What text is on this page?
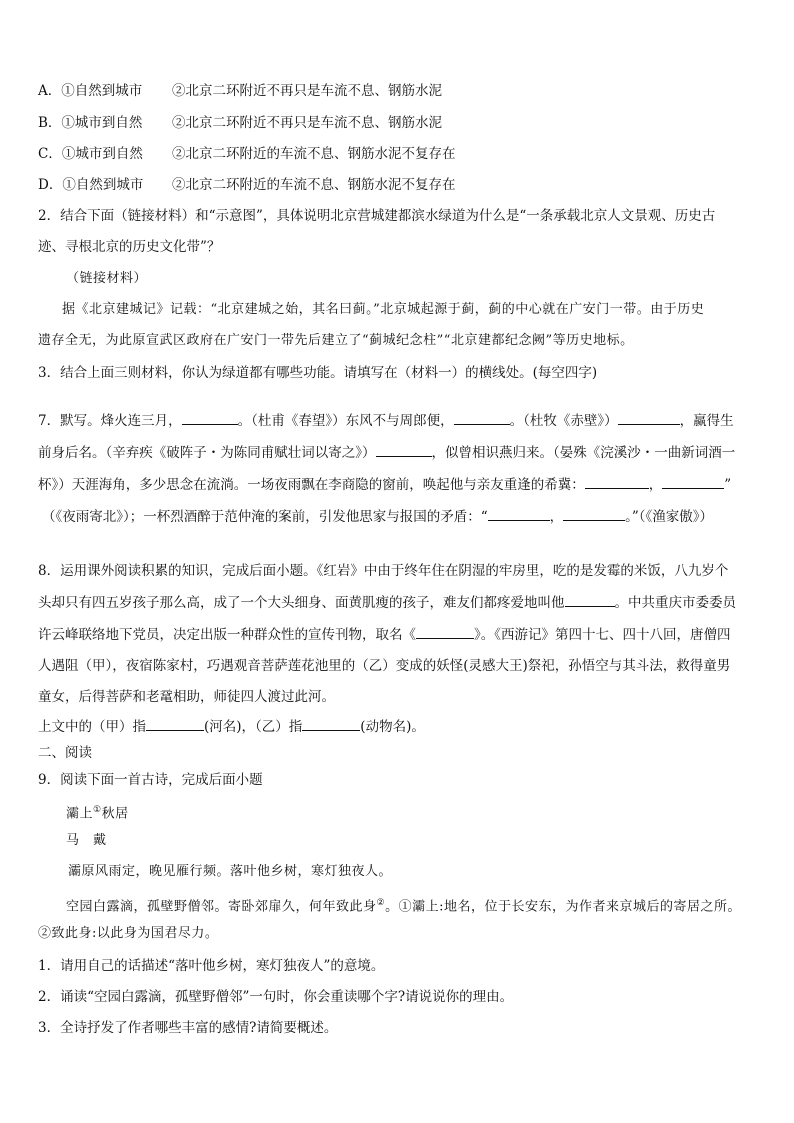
A．①自然到城市 ②北京二环附近不再只是车流不息、钢筋水泥
B．①城市到自然 ②北京二环附近不再只是车流不息、钢筋水泥
C．①城市到自然 ②北京二环附近的车流不息、钢筋水泥不复存在
D．①自然到城市 ②北京二环附近的车流不息、钢筋水泥不复存在
2．结合下面（链接材料）和“示意图”，具体说明北京营城建都滨水绿道为什么是“一条承载北京人文景观、历史古
迹、寻根北京的历史文化带”？
（链接材料）
据《北京建城记》记载：“北京建城之始，其名曰蓟。”北京城起源于蓟，蓟的中心就在广安门一带。由于历史
遗存全无，为此原宣武区政府在广安门一带先后建立了“蓟城纪念柱”“北京建都纪念阙”等历史地标。
3．结合上面三则材料，你认为绿道都有哪些功能。请填写在（材料一）的横线处。(每空四字)
7．默写。烽火连三月，	。（杜甫《春望》）东风不与周郎便，	。（杜牧《赤壁》）	，赢得生
前身后名。（辛弃疾《破阵子・为陈同甫赋壮词以寄之》）	，似曾相识燕归来。（晏殊《浣溪沙・一曲新词酒一
杯》）天涯海角，多少思念在流淌。一场夜雨飘在李商隐的窗前，唤起他与亲友重逢的希冀：	，	”
（《夜雨寄北》）；一杯烈酒醉于范仲淹的案前，引发他思家与报国的矛盾：“	，	。”（《渔家傲》）
8．运用课外阅读积累的知识，完成后面小题。《红岩》中由于终年住在阴湿的牢房里，吃的是发霉的米饭，八九岁个
头却只有四五岁孩子那么高，成了一个大头细身、面黄肌瘦的孩子，难友们都疼爱地叫他	。中共重庆市委委员
许云峰联络地下党员，决定出版一种群众性的宣传刊物，取名《	》。《西游记》第四十七、四十八回，唐僧四
人遇阻（甲），夜宿陈家村，巧遇观音菩萨莲花池里的（乙）变成的妖怪(灵感大王)祭祀，孙悟空与其斗法，救得童男
童女，后得菩萨和老鼋相助，师徒四人渡过此河。
上文中的（甲）指	(河名)，（乙）指	(动物名)。
二、阅读
9．阅读下面一首古诗，完成后面小题
灞上①秋居
马　戴
灞原风雨定，晚见雁行频。落叶他乡树，寒灯独夜人。
空园白露滴，孤壁野僧邻。寄卧郊扉久，何年致此身②。①灞上:地名，位于长安东，为作者来京城后的寄居之所。
②致此身:以此身为国君尽力。
1．请用自己的话描述“落叶他乡树，寒灯独夜人”的意境。
2．诵读“空园白露滴，孤壁野僧邻”一句时，你会重读哪个字?请说说你的理由。
3．全诗抒发了作者哪些丰富的感情?请简要概述。
